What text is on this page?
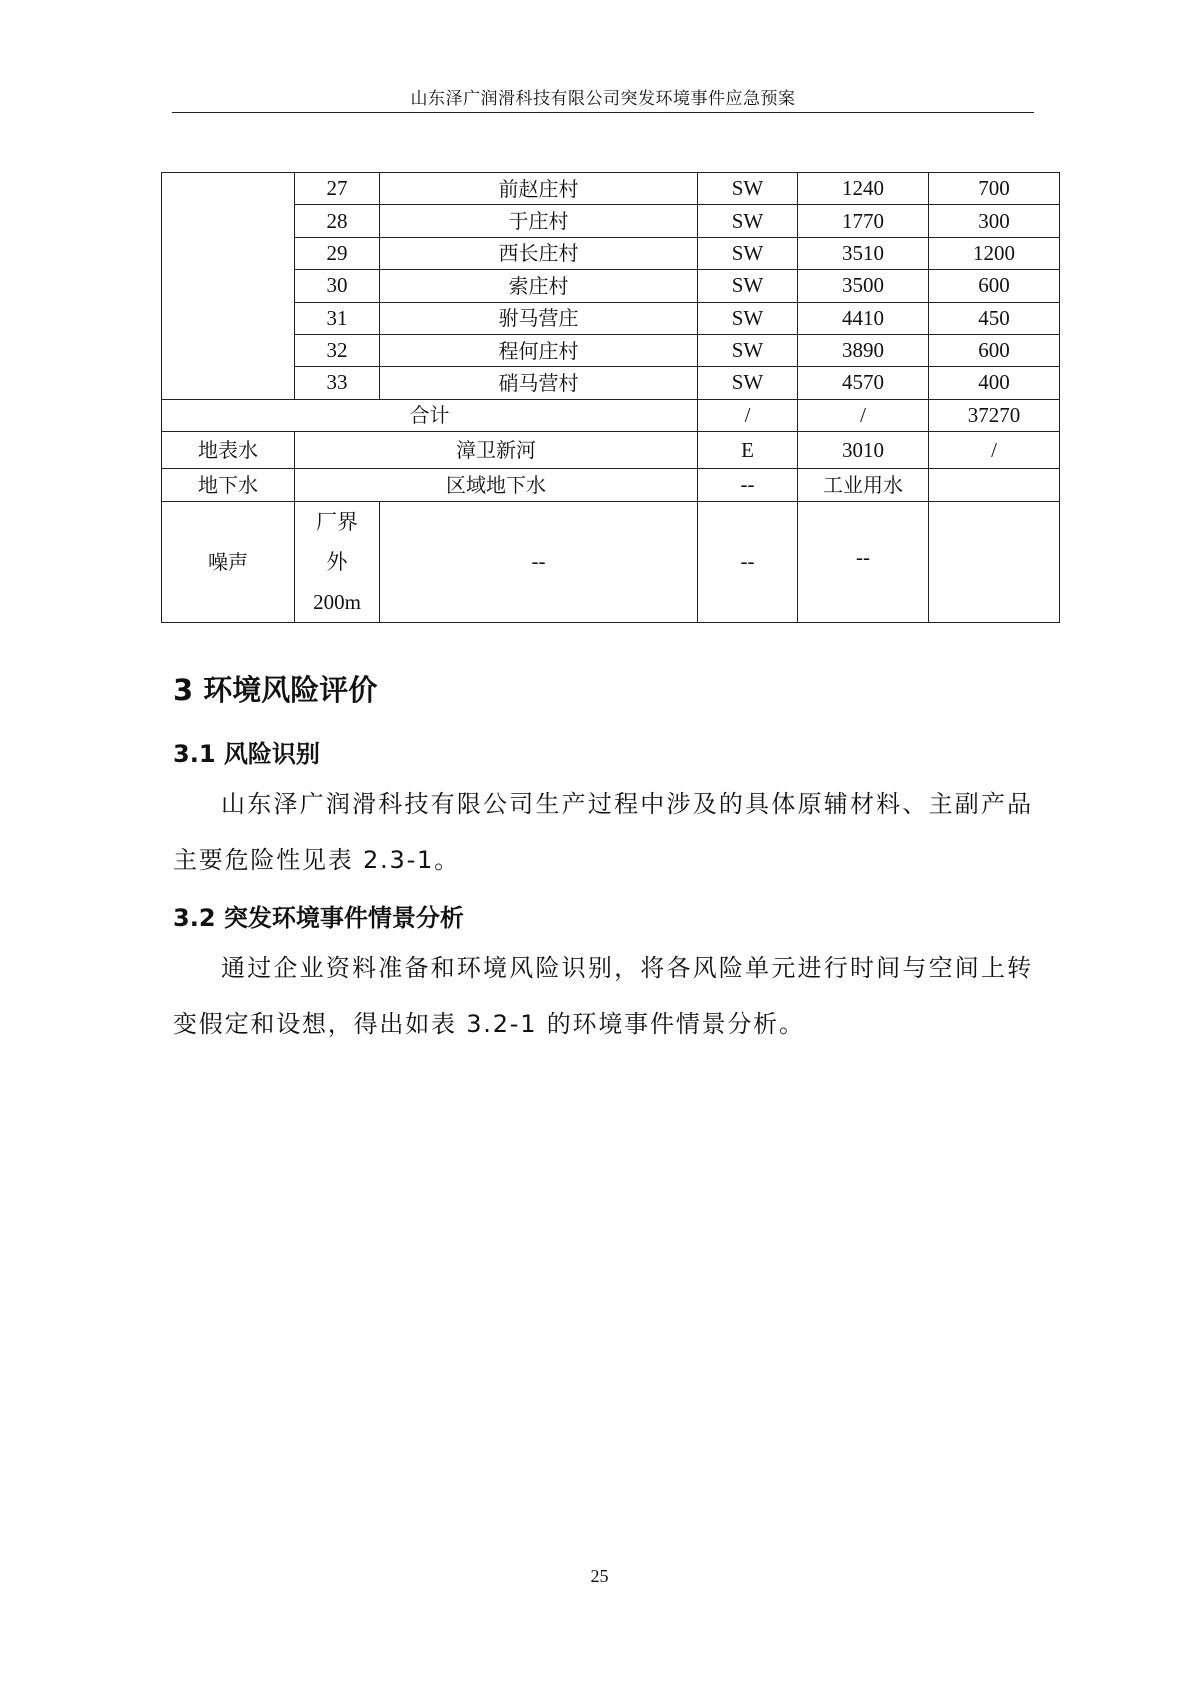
山东泽广润滑科技有限公司突发环境事件应急预案
	27	前赵庄村	SW	1240	700
	28	于庄村	SW	1770	300
	29	西长庄村	SW	3510	1200
	30	索庄村	SW	3500	600
	31	驸马营庄	SW	4410	450
	32	程何庄村	SW	3890	600
	33	硝马营村	SW	4570	400
合计			/	/	37270
地表水	漳卫新河		E	3010	/
地下水	区域地下水		--	工业用水	
噪声	厂界
外
200m	--	--	--	
3 环境风险评价
3.1 风险识别

山东泽广润滑科技有限公司生产过程中涉及的具体原辅材料、主副产品主要危险性见表 2.3-1。

3.2 突发环境事件情景分析

通过企业资料准备和环境风险识别，将各风险单元进行时间与空间上转变假定和设想，得出如表 3.2-1 的环境事件情景分析。

25
